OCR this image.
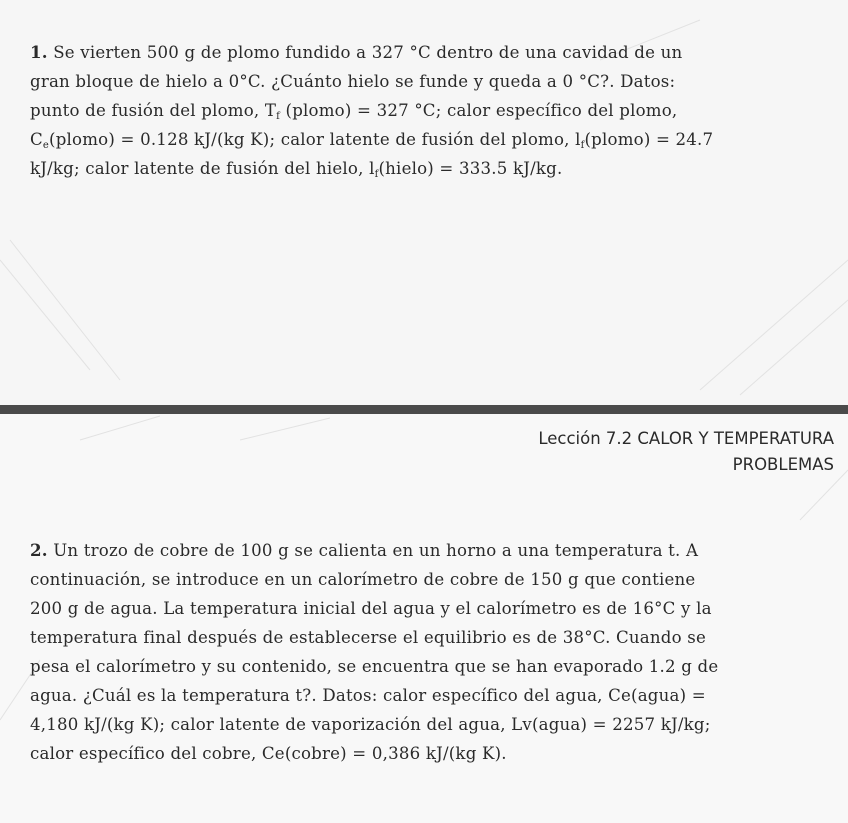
1. Se vierten 500 g de plomo fundido a 327 °C dentro de una cavidad de un
gran bloque de hielo a 0°C. ¿Cuánto hielo se funde y queda a 0 °C?. Datos:
punto de fusión del plomo, $T_f$ (plomo) = 327 °C; calor específico del plomo,
$C_e(plomo) = 0.128$ kJ/(kg K); calor latente de fusión del plomo, $l_f(plomo) = 24.7$
kJ/kg; calor latente de fusión del hielo, $l_f(hielo) = 333.5$ kJ/kg.
Lección 7.2 CALOR Y TEMPERATURA
PROBLEMAS
2. Un trozo de cobre de 100 g se calienta en un horno a una temperatura t. A
continuación, se introduce en un calorímetro de cobre de 150 g que contiene
200 g de agua. La temperatura inicial del agua y el calorímetro es de 16°C y la
temperatura final después de establecerse el equilibrio es de 38°C. Cuando se
pesa el calorímetro y su contenido, se encuentra que se han evaporado 1.2 g de
agua. ¿Cuál es la temperatura t?. Datos: calor específico del agua, Ce(agua) =
4,180 kJ/(kg K); calor latente de vaporización del agua, Lv(agua) = 2257 kJ/kg;
calor específico del cobre, Ce(cobre) = 0,386 kJ/(kg K).
